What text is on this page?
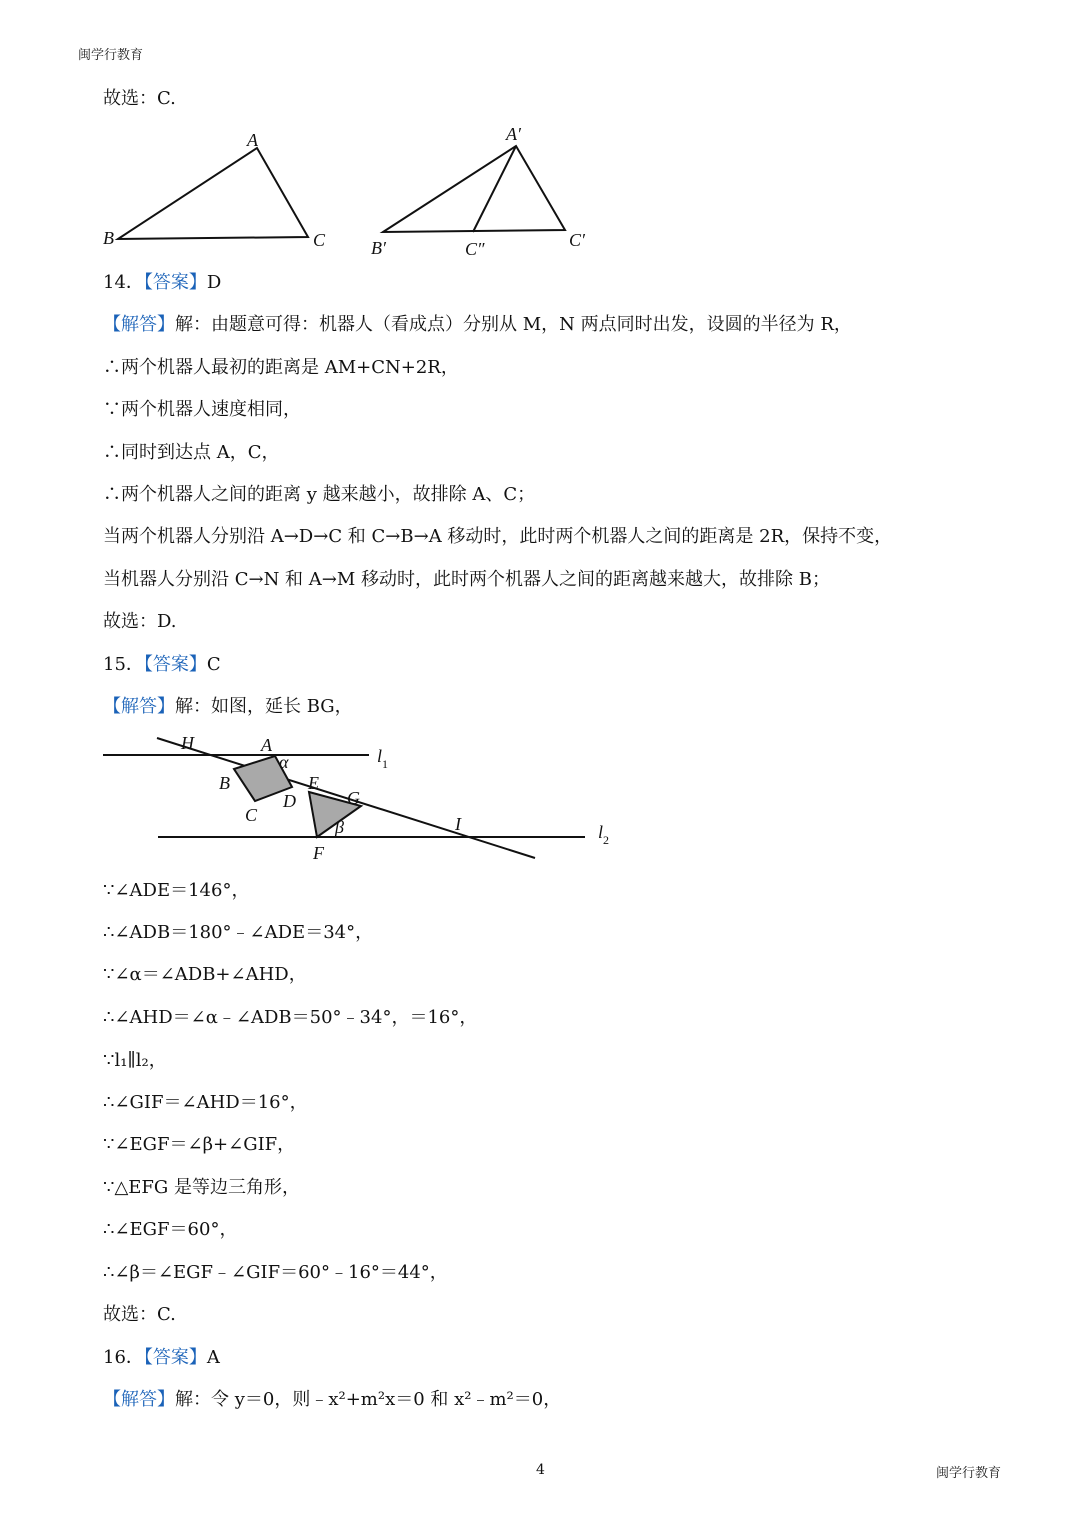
闽学行教育
故选：C.
A
B	C
A′
B′	C″	C′
14．【答案】D
【解答】解：由题意可得：机器人（看成点）分别从 M，N 两点同时出发，设圆的半径为 R，
∴两个机器人最初的距离是 AM+CN+2R，
∵两个机器人速度相同，
∴同时到达点 A，C，
∴两个机器人之间的距离 y 越来越小，故排除 A、C；
当两个机器人分别沿 A→D→C 和 C→B→A 移动时，此时两个机器人之间的距离是 2R，保持不变，
当机器人分别沿 C→N 和 A→M 移动时，此时两个机器人之间的距离越来越大，故排除 B；
故选：D.
15．【答案】C
【解答】解：如图，延长 BG，
H	A
α	$l_1$
B
D
E
G
C
β	I
F
$l_2$
∵∠ADE＝146°，
∴∠ADB＝180°﹣∠ADE＝34°，
∵∠α＝∠ADB+∠AHD，
∴∠AHD＝∠α﹣∠ADB＝50°﹣34°，＝16°，
∵l₁∥l₂，
∴∠GIF＝∠AHD＝16°，
∵∠EGF＝∠β+∠GIF，
∵△EFG 是等边三角形，
∴∠EGF＝60°，
∴∠β＝∠EGF﹣∠GIF＝60°﹣16°＝44°，
故选：C.
16．【答案】A
【解答】解：令 y＝0，则﹣x²+m²x＝0 和 x²﹣m²＝0，
4	闽学行教育
